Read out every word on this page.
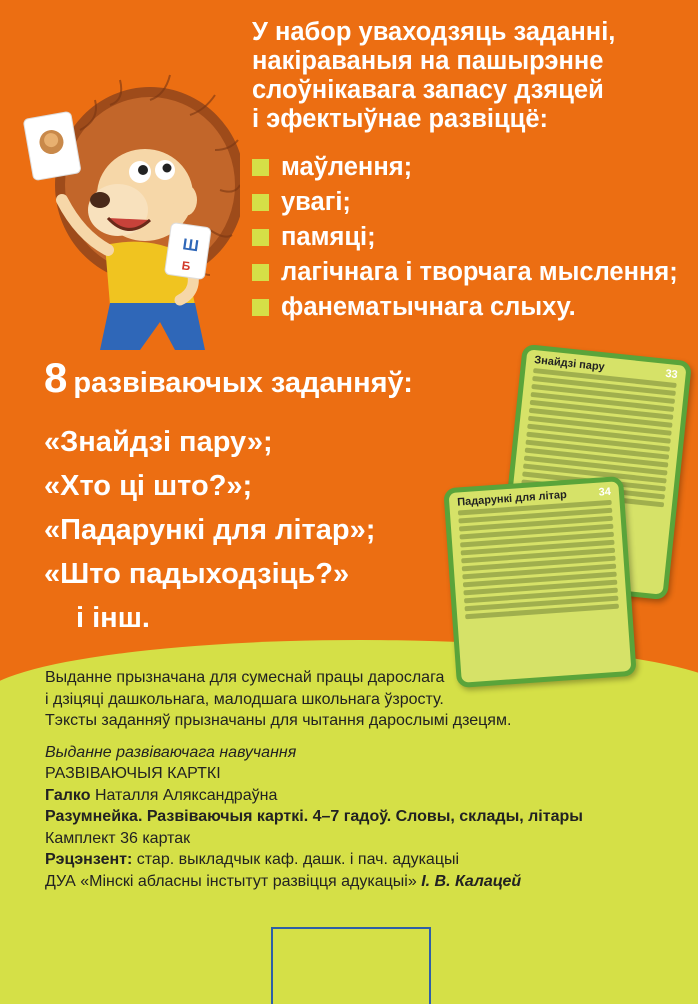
Ш
Б

У набор уваходзяць заданні,

накіраваныя на пашырэнне

слоўнікавага запасу дзяцей

і эфектыўнае развіццё:

маўлення;
увагі;
памяці;
лагічнага і творчага мыслення;
фанематычнага слыху.
8 развіваючых заданняў:
«Знайдзі пару»;
«Хто ці што?»;
«Падарункі для літар»;
«Што падыходзіць?»
і інш.
33
Знайдзі пару
34
Падарункі для літар

Выданне прызначана для сумеснай працы дарослага

і дзіцяці дашкольнага, малодшага школьнага ўзросту.

Тэксты заданняў прызначаны для чытання дарослымі дзецям.

Выданне развіваючага навучання

РАЗВІВАЮЧЫЯ КАРТКІ

Галко Наталля Аляксандраўна

Разумнейка. Развіваючыя карткі. 4–7 гадоў. Словы, склады, літары

Камплект 36 картак

Рэцэнзент: стар. выкладчык каф. дашк. і пач. адукацыі

ДУА «Мінскі абласны інстытут развіцця адукацыі» І. В. Калацей
